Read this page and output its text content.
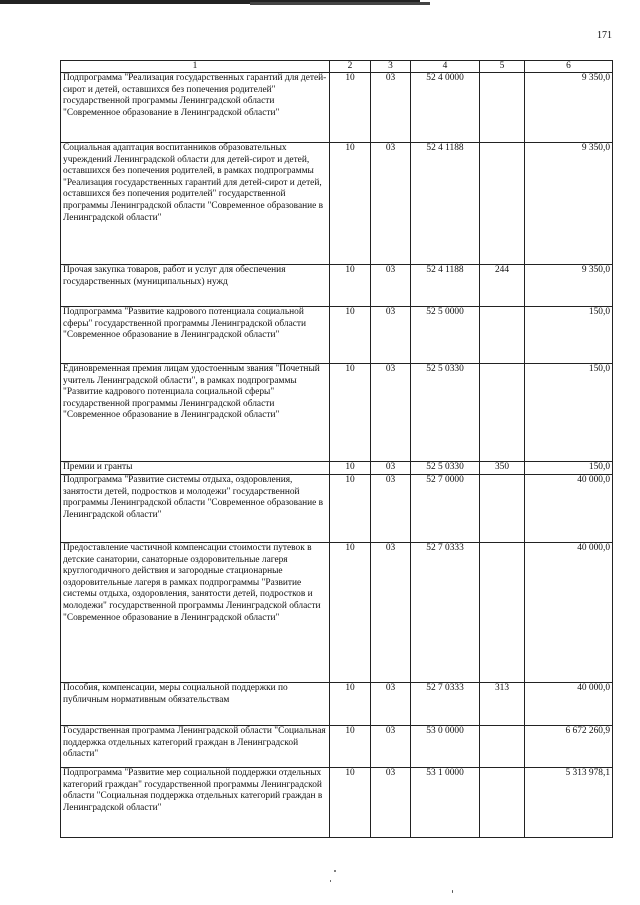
171
1	2	3	4	5	6
Подпрограмма "Реализация государственных гарантий для детей-сирот и детей, оставшихся без попечения родителей" государственной программы Ленинградской области "Современное образование в Ленинградской области"	10	03	52 4 0000		9 350,0
Социальная адаптация воспитанников образовательных учреждений Ленинградской области для детей-сирот и детей, оставшихся без попечения родителей, в рамках подпрограммы "Реализация государственных гарантий для детей-сирот и детей, оставшихся без попечения родителей" государственной программы Ленинградской области "Современное образование в Ленинградской области"	10	03	52 4 1188		9 350,0
Прочая закупка товаров, работ и услуг для обеспечения государственных (муниципальных) нужд	10	03	52 4 1188	244	9 350,0
Подпрограмма "Развитие кадрового потенциала социальной сферы" государственной программы Ленинградской области "Современное образование в Ленинградской области"	10	03	52 5 0000		150,0
Единовременная премия лицам удостоенным звания "Почетный учитель Ленинградской области", в рамках подпрограммы "Развитие кадрового потенциала социальной сферы" государственной программы Ленинградской области "Современное образование в Ленинградской области"	10	03	52 5 0330		150,0
Премии и гранты	10	03	52 5 0330	350	150,0
Подпрограмма "Развитие системы отдыха, оздоровления, занятости детей, подростков и молодежи" государственной программы Ленинградской области "Современное образование в Ленинградской области"	10	03	52 7 0000		40 000,0
Предоставление частичной компенсации стоимости путевок в детские санатории, санаторные оздоровительные лагеря круглогодичного действия и загородные стационарные оздоровительные лагеря в рамках подпрограммы "Развитие системы отдыха, оздоровления, занятости детей, подростков и молодежи" государственной программы Ленинградской области "Современное образование в Ленинградской области"	10	03	52 7 0333		40 000,0
Пособия, компенсации, меры социальной поддержки по публичным нормативным обязательствам	10	03	52 7 0333	313	40 000,0
Государственная программа Ленинградской области "Социальная поддержка отдельных категорий граждан в Ленинградской области"	10	03	53 0 0000		6 672 260,9
Подпрограмма "Развитие мер социальной поддержки отдельных категорий граждан" государственной программы Ленинградской области "Социальная поддержка отдельных категорий граждан в Ленинградской области"	10	03	53 1 0000		5 313 978,1
